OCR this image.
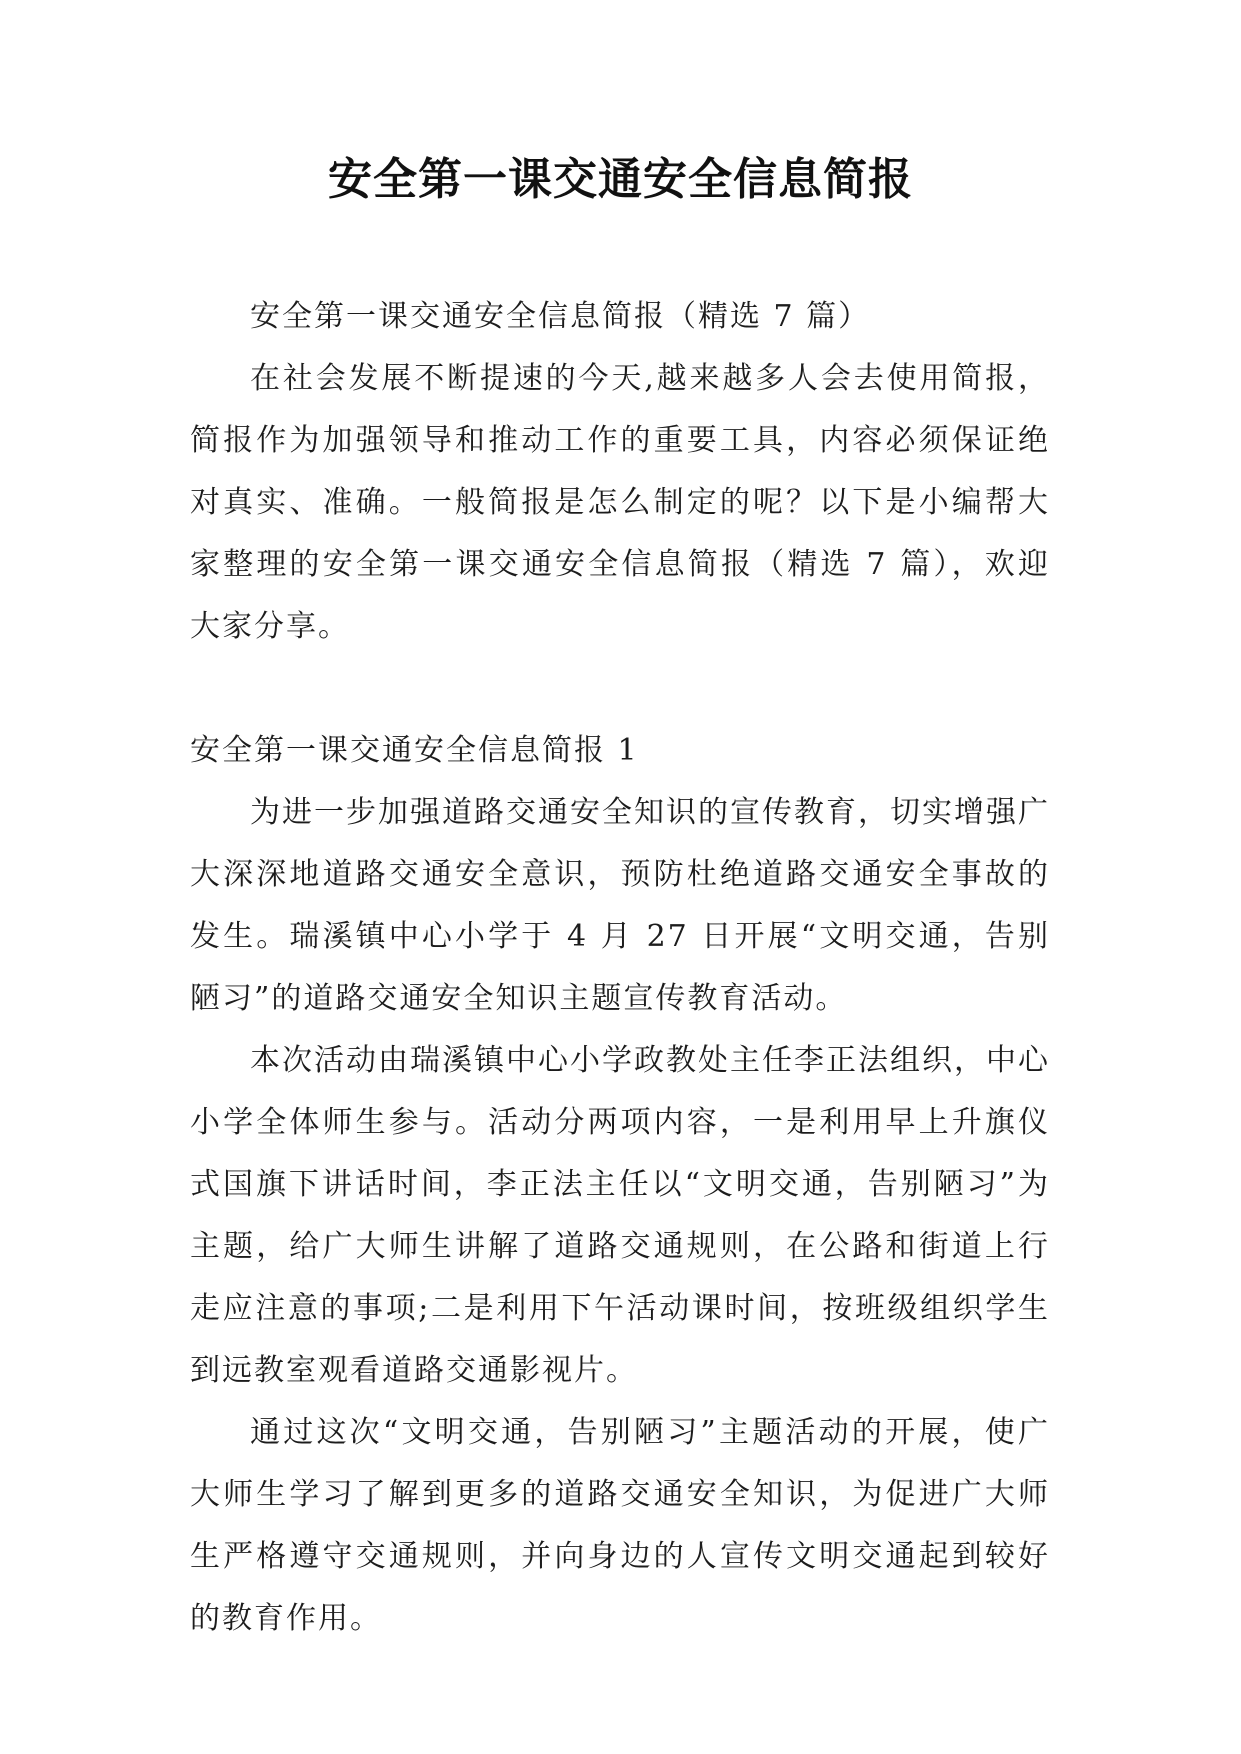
安全第一课交通安全信息简报

安全第一课交通安全信息简报（精选 7 篇）

在社会发展不断提速的今天,越来越多人会去使用简报，简报作为加强领导和推动工作的重要工具，内容必须保证绝对真实、准确。一般简报是怎么制定的呢？以下是小编帮大家整理的安全第一课交通安全信息简报（精选 7 篇），欢迎大家分享。

安全第一课交通安全信息简报 1

为进一步加强道路交通安全知识的宣传教育，切实增强广大深深地道路交通安全意识，预防杜绝道路交通安全事故的发生。瑞溪镇中心小学于 4 月 27 日开展“文明交通，告别陋习”的道路交通安全知识主题宣传教育活动。

本次活动由瑞溪镇中心小学政教处主任李正法组织，中心小学全体师生参与。活动分两项内容，一是利用早上升旗仪式国旗下讲话时间，李正法主任以“文明交通，告别陋习”为主题，给广大师生讲解了道路交通规则，在公路和街道上行走应注意的事项;二是利用下午活动课时间，按班级组织学生到远教室观看道路交通影视片。

通过这次“文明交通，告别陋习”主题活动的开展，使广大师生学习了解到更多的道路交通安全知识，为促进广大师生严格遵守交通规则，并向身边的人宣传文明交通起到较好的教育作用。
